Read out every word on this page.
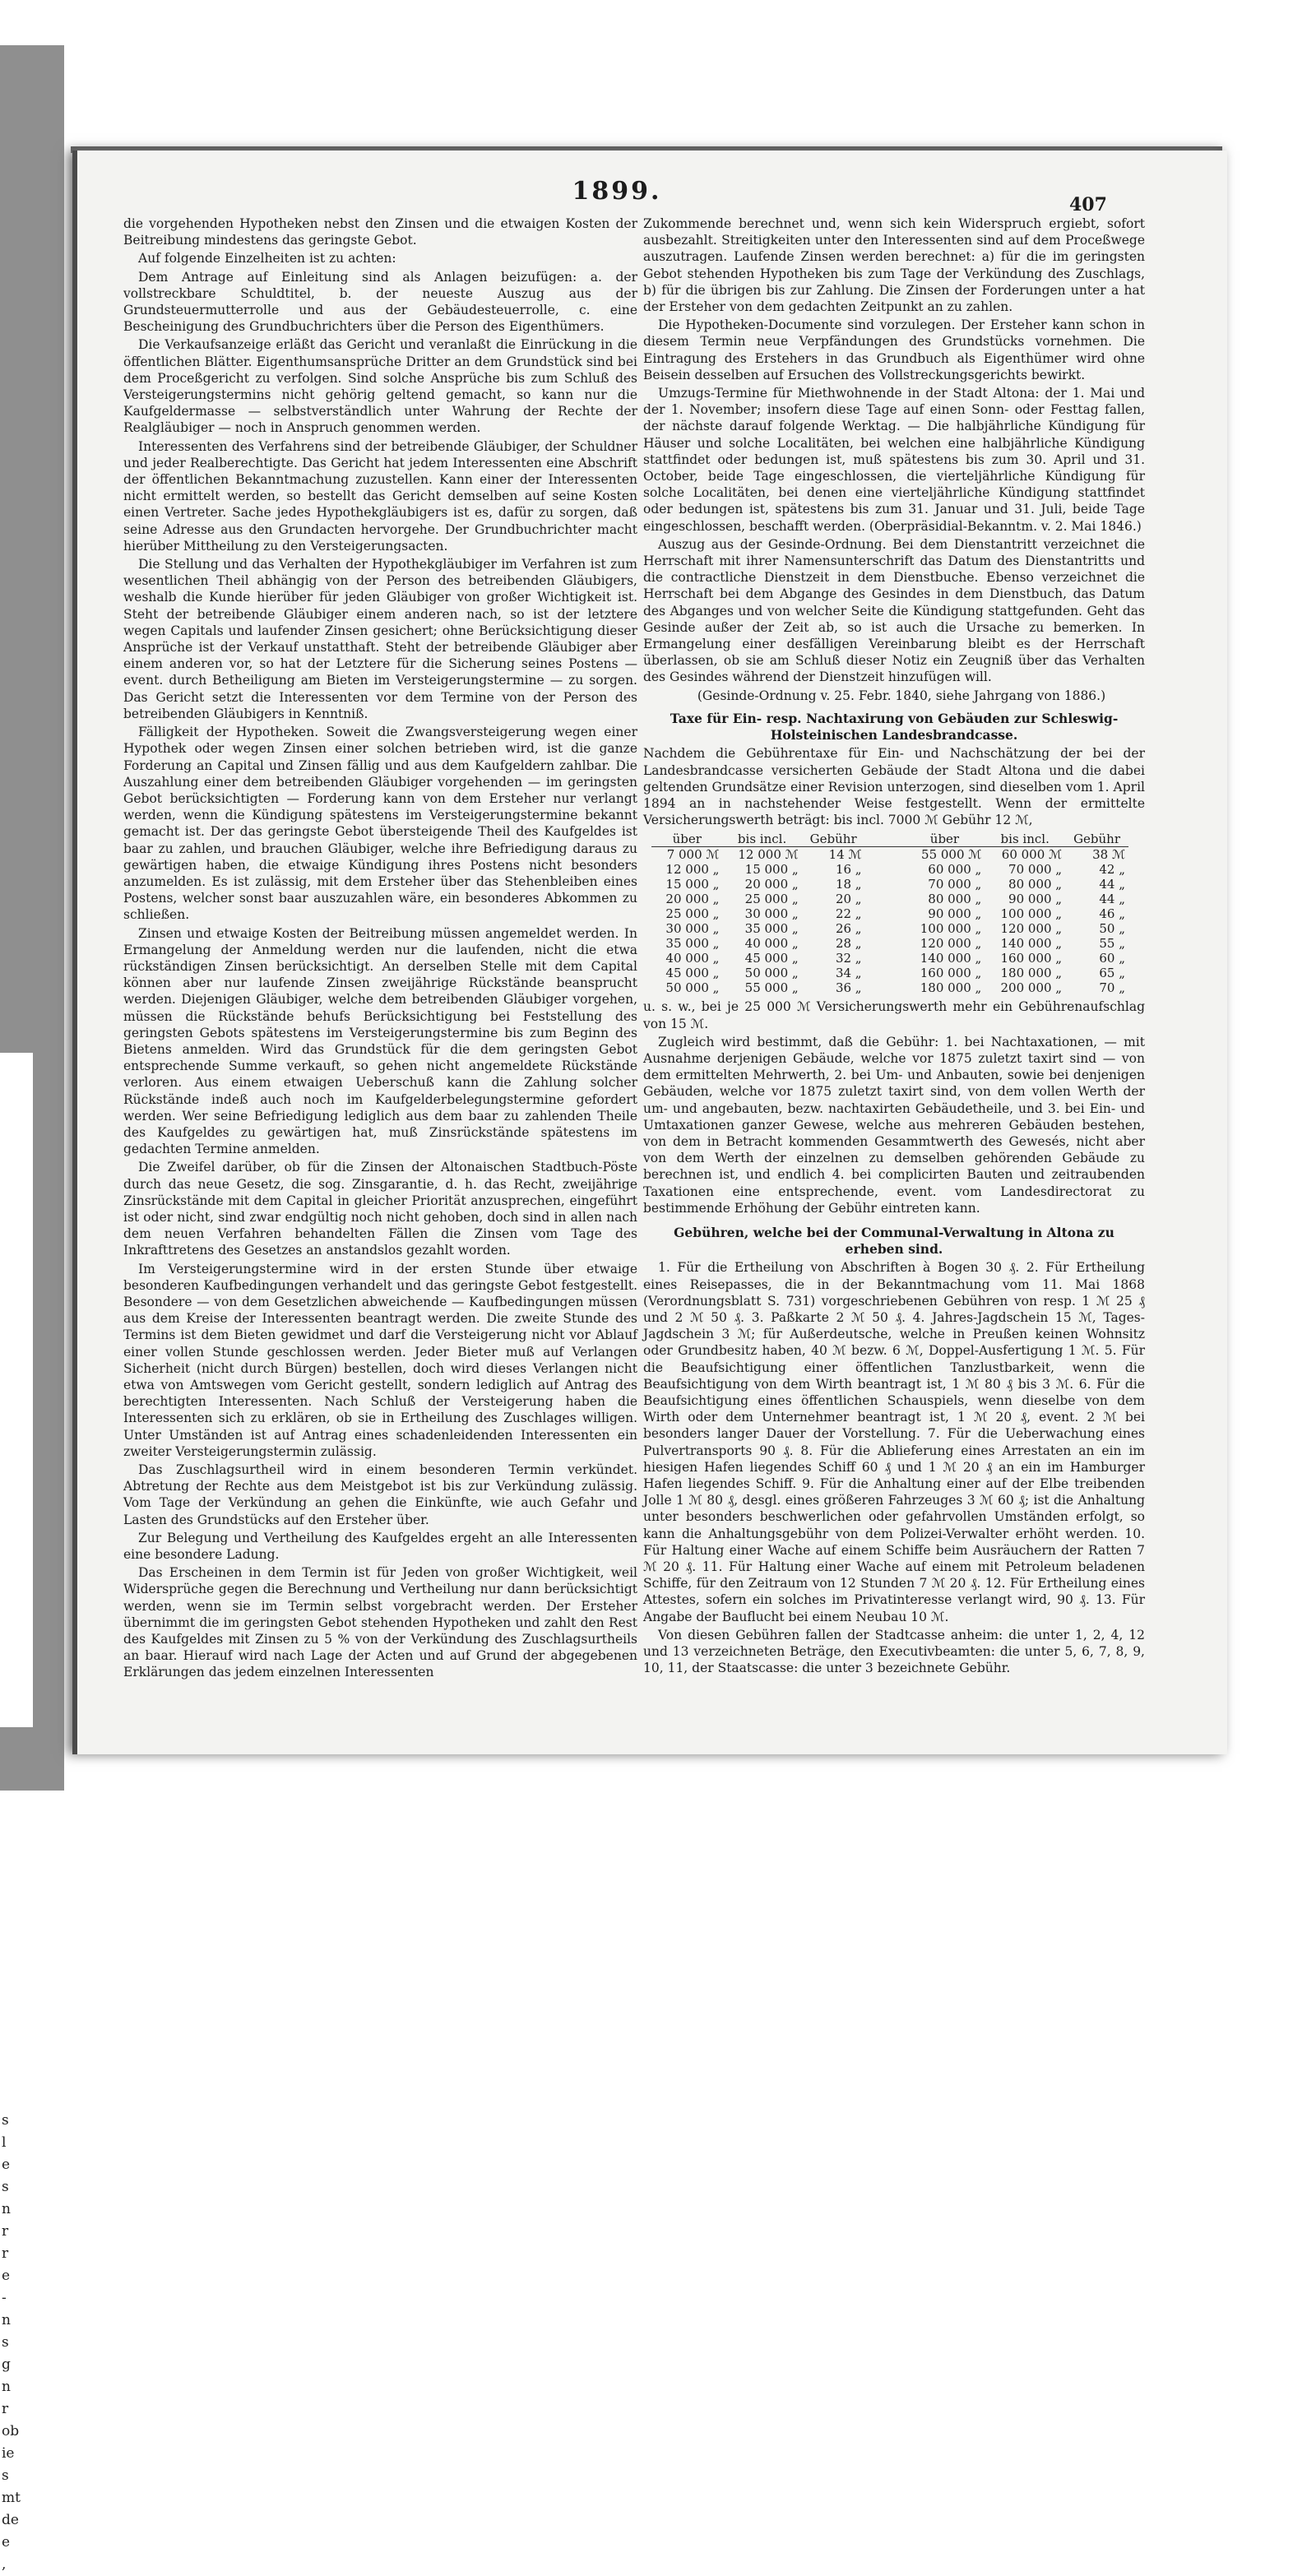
s
l
e
s
n
r
r
e
-
n
s
g
n
r
ob
ie
s
mt
de
e
,
1899.	407

die vorgehenden Hypotheken nebst den Zinsen und die etwaigen Kosten der Beitreibung mindestens das geringste Gebot.

Auf folgende Einzelheiten ist zu achten:

Dem Antrage auf Einleitung sind als Anlagen beizufügen: a. der vollstreckbare Schuldtitel, b. der neueste Auszug aus der Grundsteuermutterrolle und aus der Gebäudesteuerrolle, c. eine Bescheinigung des Grundbuchrichters über die Person des Eigenthümers.

Die Verkaufsanzeige erläßt das Gericht und veranlaßt die Einrückung in die öffentlichen Blätter. Eigenthumsansprüche Dritter an dem Grundstück sind bei dem Proceßgericht zu verfolgen. Sind solche Ansprüche bis zum Schluß des Versteigerungstermins nicht gehörig geltend gemacht, so kann nur die Kaufgeldermasse — selbstverständlich unter Wahrung der Rechte der Realgläubiger — noch in Anspruch genommen werden.

Interessenten des Verfahrens sind der betreibende Gläubiger, der Schuldner und jeder Realberechtigte. Das Gericht hat jedem Interessenten eine Abschrift der öffentlichen Bekanntmachung zuzustellen. Kann einer der Interessenten nicht ermittelt werden, so bestellt das Gericht demselben auf seine Kosten einen Vertreter. Sache jedes Hypothekgläubigers ist es, dafür zu sorgen, daß seine Adresse aus den Grundacten hervorgehe. Der Grundbuchrichter macht hierüber Mittheilung zu den Versteigerungsacten.

Die Stellung und das Verhalten der Hypothekgläubiger im Verfahren ist zum wesentlichen Theil abhängig von der Person des betreibenden Gläubigers, weshalb die Kunde hierüber für jeden Gläubiger von großer Wichtigkeit ist. Steht der betreibende Gläubiger einem anderen nach, so ist der letztere wegen Capitals und laufender Zinsen gesichert; ohne Berücksichtigung dieser Ansprüche ist der Verkauf unstatthaft. Steht der betreibende Gläubiger aber einem anderen vor, so hat der Letztere für die Sicherung seines Postens — event. durch Betheiligung am Bieten im Versteigerungstermine — zu sorgen. Das Gericht setzt die Interessenten vor dem Termine von der Person des betreibenden Gläubigers in Kenntniß.

Fälligkeit der Hypotheken. Soweit die Zwangsversteigerung wegen einer Hypothek oder wegen Zinsen einer solchen betrieben wird, ist die ganze Forderung an Capital und Zinsen fällig und aus dem Kaufgeldern zahlbar. Die Auszahlung einer dem betreibenden Gläubiger vorgehenden — im geringsten Gebot berücksichtigten — Forderung kann von dem Ersteher nur verlangt werden, wenn die Kündigung spätestens im Versteigerungstermine bekannt gemacht ist. Der das geringste Gebot übersteigende Theil des Kaufgeldes ist baar zu zahlen, und brauchen Gläubiger, welche ihre Befriedigung daraus zu gewärtigen haben, die etwaige Kündigung ihres Postens nicht besonders anzumelden. Es ist zulässig, mit dem Ersteher über das Stehenbleiben eines Postens, welcher sonst baar auszuzahlen wäre, ein besonderes Abkommen zu schließen.

Zinsen und etwaige Kosten der Beitreibung müssen angemeldet werden. In Ermangelung der Anmeldung werden nur die laufenden, nicht die etwa rückständigen Zinsen berücksichtigt. An derselben Stelle mit dem Capital können aber nur laufende Zinsen zweijährige Rückstände beansprucht werden. Diejenigen Gläubiger, welche dem betreibenden Gläubiger vorgehen, müssen die Rückstände behufs Berücksichtigung bei Feststellung des geringsten Gebots spätestens im Versteigerungstermine bis zum Beginn des Bietens anmelden. Wird das Grundstück für die dem geringsten Gebot entsprechende Summe verkauft, so gehen nicht angemeldete Rückstände verloren. Aus einem etwaigen Ueberschuß kann die Zahlung solcher Rückstände indeß auch noch im Kaufgelderbelegungstermine gefordert werden. Wer seine Befriedigung lediglich aus dem baar zu zahlenden Theile des Kaufgeldes zu gewärtigen hat, muß Zinsrückstände spätestens im gedachten Termine anmelden.

Die Zweifel darüber, ob für die Zinsen der Altonaischen Stadtbuch-Pöste durch das neue Gesetz, die sog. Zinsgarantie, d. h. das Recht, zweijährige Zinsrückstände mit dem Capital in gleicher Priorität anzusprechen, eingeführt ist oder nicht, sind zwar endgültig noch nicht gehoben, doch sind in allen nach dem neuen Verfahren behandelten Fällen die Zinsen vom Tage des Inkrafttretens des Gesetzes an anstandslos gezahlt worden.

Im Versteigerungstermine wird in der ersten Stunde über etwaige besonderen Kaufbedingungen verhandelt und das geringste Gebot festgestellt. Besondere — von dem Gesetzlichen abweichende — Kaufbedingungen müssen aus dem Kreise der Interessenten beantragt werden. Die zweite Stunde des Termins ist dem Bieten gewidmet und darf die Versteigerung nicht vor Ablauf einer vollen Stunde geschlossen werden. Jeder Bieter muß auf Verlangen Sicherheit (nicht durch Bürgen) bestellen, doch wird dieses Verlangen nicht etwa von Amtswegen vom Gericht gestellt, sondern lediglich auf Antrag des berechtigten Interessenten. Nach Schluß der Versteigerung haben die Interessenten sich zu erklären, ob sie in Ertheilung des Zuschlages willigen. Unter Umständen ist auf Antrag eines schadenleidenden Interessenten ein zweiter Versteigerungstermin zulässig.

Das Zuschlagsurtheil wird in einem besonderen Termin verkündet. Abtretung der Rechte aus dem Meistgebot ist bis zur Verkündung zulässig. Vom Tage der Verkündung an gehen die Einkünfte, wie auch Gefahr und Lasten des Grundstücks auf den Ersteher über.

Zur Belegung und Vertheilung des Kaufgeldes ergeht an alle Interessenten eine besondere Ladung.

Das Erscheinen in dem Termin ist für Jeden von großer Wichtigkeit, weil Widersprüche gegen die Berechnung und Vertheilung nur dann berücksichtigt werden, wenn sie im Termin selbst vorgebracht werden. Der Ersteher übernimmt die im geringsten Gebot stehenden Hypotheken und zahlt den Rest des Kaufgeldes mit Zinsen zu 5 % von der Verkündung des Zuschlagsurtheils an baar. Hierauf wird nach Lage der Acten und auf Grund der abgegebenen Erklärungen das jedem einzelnen Interessenten

Zukommende berechnet und, wenn sich kein Widerspruch ergiebt, sofort ausbezahlt. Streitigkeiten unter den Interessenten sind auf dem Proceßwege auszutragen. Laufende Zinsen werden berechnet: a) für die im geringsten Gebot stehenden Hypotheken bis zum Tage der Verkündung des Zuschlags, b) für die übrigen bis zur Zahlung. Die Zinsen der Forderungen unter a hat der Ersteher von dem gedachten Zeitpunkt an zu zahlen.

Die Hypotheken-Documente sind vorzulegen. Der Ersteher kann schon in diesem Termin neue Verpfändungen des Grundstücks vornehmen. Die Eintragung des Erstehers in das Grundbuch als Eigenthümer wird ohne Beisein desselben auf Ersuchen des Vollstreckungsgerichts bewirkt.

Umzugs-Termine für Miethwohnende in der Stadt Altona: der 1. Mai und der 1. November; insofern diese Tage auf einen Sonn- oder Festtag fallen, der nächste darauf folgende Werktag. — Die halbjährliche Kündigung für Häuser und solche Localitäten, bei welchen eine halbjährliche Kündigung stattfindet oder bedungen ist, muß spätestens bis zum 30. April und 31. October, beide Tage eingeschlossen, die vierteljährliche Kündigung für solche Localitäten, bei denen eine vierteljährliche Kündigung stattfindet oder bedungen ist, spätestens bis zum 31. Januar und 31. Juli, beide Tage eingeschlossen, beschafft werden. (Oberpräsidial-Bekanntm. v. 2. Mai 1846.)

Auszug aus der Gesinde-Ordnung. Bei dem Dienstantritt verzeichnet die Herrschaft mit ihrer Namensunterschrift das Datum des Dienstantritts und die contractliche Dienstzeit in dem Dienstbuche. Ebenso verzeichnet die Herrschaft bei dem Abgange des Gesindes in dem Dienstbuch, das Datum des Abganges und von welcher Seite die Kündigung stattgefunden. Geht das Gesinde außer der Zeit ab, so ist auch die Ursache zu bemerken. In Ermangelung einer desfälligen Vereinbarung bleibt es der Herrschaft überlassen, ob sie am Schluß dieser Notiz ein Zeugniß über das Verhalten des Gesindes während der Dienstzeit hinzufügen will.

(Gesinde-Ordnung v. 25. Febr. 1840, siehe Jahrgang von 1886.)

Taxe für Ein- resp. Nachtaxirung von Gebäuden zur Schleswig-Holsteinischen Landesbrandcasse.

Nachdem die Gebührentaxe für Ein- und Nachschätzung der bei der Landesbrandcasse versicherten Gebäude der Stadt Altona und die dabei geltenden Grundsätze einer Revision unterzogen, sind dieselben vom 1. April 1894 an in nachstehender Weise festgestellt. Wenn der ermittelte Versicherungswerth beträgt: bis incl. 7000 ℳ Gebühr 12 ℳ,

über	bis incl.	Gebühr		über	bis incl.	Gebühr
7 000 ℳ	12 000 ℳ	14 ℳ		55 000 ℳ	60 000 ℳ	38 ℳ
12 000 „	15 000 „	16 „		60 000 „	70 000 „	42 „
15 000 „	20 000 „	18 „		70 000 „	80 000 „	44 „
20 000 „	25 000 „	20 „		80 000 „	90 000 „	44 „
25 000 „	30 000 „	22 „		90 000 „	100 000 „	46 „
30 000 „	35 000 „	26 „		100 000 „	120 000 „	50 „
35 000 „	40 000 „	28 „		120 000 „	140 000 „	55 „
40 000 „	45 000 „	32 „		140 000 „	160 000 „	60 „
45 000 „	50 000 „	34 „		160 000 „	180 000 „	65 „
50 000 „	55 000 „	36 „		180 000 „	200 000 „	70 „

u. s. w., bei je 25 000 ℳ Versicherungswerth mehr ein Gebührenaufschlag von 15 ℳ.

Zugleich wird bestimmt, daß die Gebühr: 1. bei Nachtaxationen, — mit Ausnahme derjenigen Gebäude, welche vor 1875 zuletzt taxirt sind — von dem ermittelten Mehrwerth, 2. bei Um- und Anbauten, sowie bei denjenigen Gebäuden, welche vor 1875 zuletzt taxirt sind, von dem vollen Werth der um- und angebauten, bezw. nachtaxirten Gebäudetheile, und 3. bei Ein- und Umtaxationen ganzer Gewese, welche aus mehreren Gebäuden bestehen, von dem in Betracht kommenden Gesammtwerth des Gewesés, nicht aber von dem Werth der einzelnen zu demselben gehörenden Gebäude zu berechnen ist, und endlich 4. bei complicirten Bauten und zeitraubenden Taxationen eine entsprechende, event. vom Landesdirectorat zu bestimmende Erhöhung der Gebühr eintreten kann.

Gebühren, welche bei der Communal-Verwaltung in Altona zu erheben sind.

1. Für die Ertheilung von Abschriften à Bogen 30 ₰. 2. Für Ertheilung eines Reisepasses, die in der Bekanntmachung vom 11. Mai 1868 (Verordnungsblatt S. 731) vorgeschriebenen Gebühren von resp. 1 ℳ 25 ₰ und 2 ℳ 50 ₰. 3. Paßkarte 2 ℳ 50 ₰. 4. Jahres-Jagdschein 15 ℳ, Tages-Jagdschein 3 ℳ; für Außerdeutsche, welche in Preußen keinen Wohnsitz oder Grundbesitz haben, 40 ℳ bezw. 6 ℳ, Doppel-Ausfertigung 1 ℳ. 5. Für die Beaufsichtigung einer öffentlichen Tanzlustbarkeit, wenn die Beaufsichtigung von dem Wirth beantragt ist, 1 ℳ 80 ₰ bis 3 ℳ. 6. Für die Beaufsichtigung eines öffentlichen Schauspiels, wenn dieselbe von dem Wirth oder dem Unternehmer beantragt ist, 1 ℳ 20 ₰, event. 2 ℳ bei besonders langer Dauer der Vorstellung. 7. Für die Ueberwachung eines Pulvertransports 90 ₰. 8. Für die Ablieferung eines Arrestaten an ein im hiesigen Hafen liegendes Schiff 60 ₰ und 1 ℳ 20 ₰ an ein im Hamburger Hafen liegendes Schiff. 9. Für die Anhaltung einer auf der Elbe treibenden Jolle 1 ℳ 80 ₰, desgl. eines größeren Fahrzeuges 3 ℳ 60 ₰; ist die Anhaltung unter besonders beschwerlichen oder gefahrvollen Umständen erfolgt, so kann die Anhaltungsgebühr von dem Polizei-Verwalter erhöht werden. 10. Für Haltung einer Wache auf einem Schiffe beim Ausräuchern der Ratten 7 ℳ 20 ₰. 11. Für Haltung einer Wache auf einem mit Petroleum beladenen Schiffe, für den Zeitraum von 12 Stunden 7 ℳ 20 ₰. 12. Für Ertheilung eines Attestes, sofern ein solches im Privatinteresse verlangt wird, 90 ₰. 13. Für Angabe der Bauflucht bei einem Neubau 10 ℳ.

Von diesen Gebühren fallen der Stadtcasse anheim: die unter 1, 2, 4, 12 und 13 verzeichneten Beträge, den Executivbeamten: die unter 5, 6, 7, 8, 9, 10, 11, der Staatscasse: die unter 3 bezeichnete Gebühr.
